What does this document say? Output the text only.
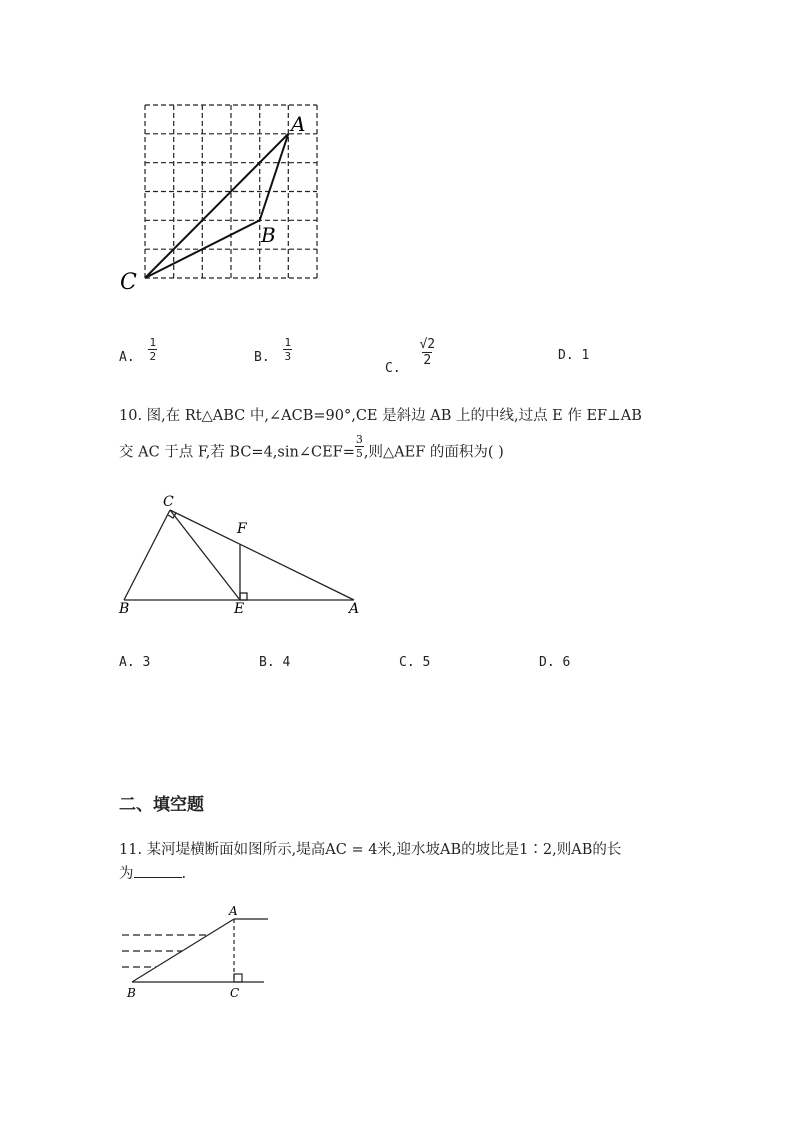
A
B
C
A. $\frac{1}{2}$	B. $\frac{1}{3}$
C.
$\frac{√2}{2}$	D. 1
10. 图,在 Rt△ABC 中,∠ACB=90°,CE 是斜边 AB 上的中线,过点 E 作 EF⊥AB
交 AC 于点 F,若 BC=4,sin∠CEF= $\frac{3}{5}$ ,则△AEF 的面积为( )
C
F
B	E	A
A. 3	B. 4	C. 5	D. 6
二、填空题
11. 某河堤横断面如图所示,堤高AC = 4米,迎水坡AB的坡比是1∶2,则AB的长
为	.
A
B	C
